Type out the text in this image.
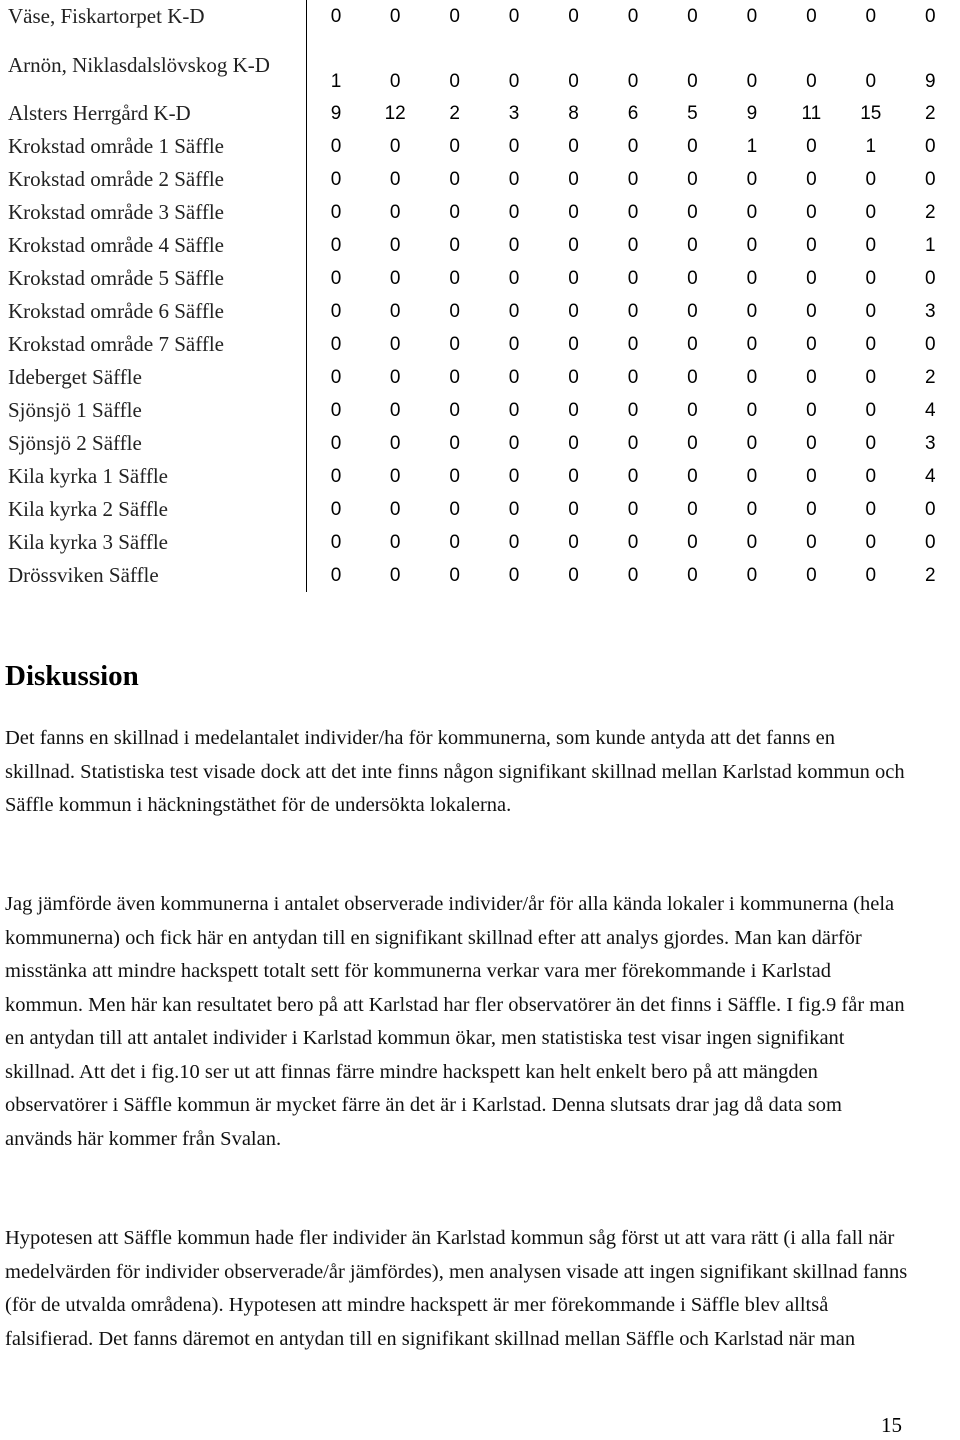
Väse, Fiskartorpet K-D	0	0	0	0	0	0	0	0	0	0	0
Arnön, Niklasdalslövskog K-D	1	0	0	0	0	0	0	0	0	0	9
Alsters Herrgård K-D	9	12	2	3	8	6	5	9	11	15	2
Krokstad område 1 Säffle	0	0	0	0	0	0	0	1	0	1	0
Krokstad område 2 Säffle	0	0	0	0	0	0	0	0	0	0	0
Krokstad område 3 Säffle	0	0	0	0	0	0	0	0	0	0	2
Krokstad område 4 Säffle	0	0	0	0	0	0	0	0	0	0	1
Krokstad område 5 Säffle	0	0	0	0	0	0	0	0	0	0	0
Krokstad område 6 Säffle	0	0	0	0	0	0	0	0	0	0	3
Krokstad område 7 Säffle	0	0	0	0	0	0	0	0	0	0	0
Ideberget Säffle	0	0	0	0	0	0	0	0	0	0	2
Sjönsjö 1 Säffle	0	0	0	0	0	0	0	0	0	0	4
Sjönsjö 2 Säffle	0	0	0	0	0	0	0	0	0	0	3
Kila kyrka 1 Säffle	0	0	0	0	0	0	0	0	0	0	4
Kila kyrka 2 Säffle	0	0	0	0	0	0	0	0	0	0	0
Kila kyrka 3 Säffle	0	0	0	0	0	0	0	0	0	0	0
Drössviken Säffle	0	0	0	0	0	0	0	0	0	0	2
Diskussion

Det fanns en skillnad i medelantalet individer/ha för kommunerna, som kunde antyda att det fanns en skillnad. Statistiska test visade dock att det inte finns någon signifikant skillnad mellan Karlstad kommun och Säffle kommun i häckningstäthet för de undersökta lokalerna.

Jag jämförde även kommunerna i antalet observerade individer/år för alla kända lokaler i kommunerna (hela kommunerna) och fick här en antydan till en signifikant skillnad efter att analys gjordes. Man kan därför misstänka att mindre hackspett totalt sett för kommunerna verkar vara mer förekommande i Karlstad kommun. Men här kan resultatet bero på att Karlstad har fler observatörer än det finns i Säffle. I fig.9 får man en antydan till att antalet individer i Karlstad kommun ökar, men statistiska test visar ingen signifikant skillnad. Att det i fig.10 ser ut att finnas färre mindre hackspett kan helt enkelt bero på att mängden observatörer i Säffle kommun är mycket färre än det är i Karlstad. Denna slutsats drar jag då data som används här kommer från Svalan.

Hypotesen att Säffle kommun hade fler individer än Karlstad kommun såg först ut att vara rätt (i alla fall när medelvärden för individer observerade/år jämfördes), men analysen visade att ingen signifikant skillnad fanns (för de utvalda områdena). Hypotesen att mindre hackspett är mer förekommande i Säffle blev alltså falsifierad. Det fanns däremot en antydan till en signifikant skillnad mellan Säffle och Karlstad när man

15
